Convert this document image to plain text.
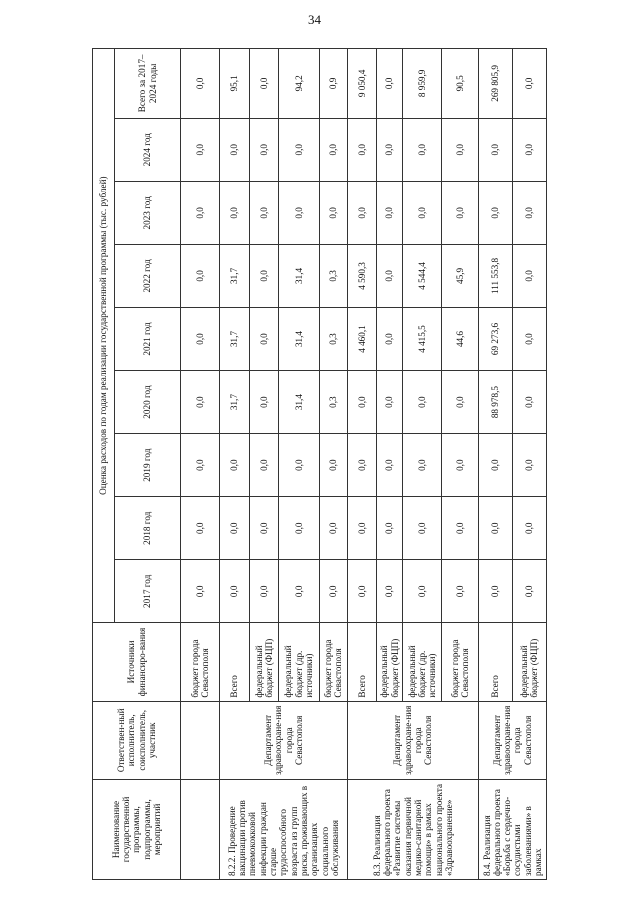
34
Наименование государственной программы, подпрограммы, мероприятий	Ответствен-ный исполнитель, соисполнитель, участник	Источники финансиро-вания	Оценка расходов по годам реализации государственной программы (тыс. рублей)								
			2017 год	2018 год	2019 год	2020 год	2021 год	2022 год	2023 год	2024 год	Всего за 2017–2024 годы
		бюджет города Севастополя	0,0	0,0	0,0	0,0	0,0	0,0	0,0	0,0	0,0
8.2.2. Проведение вакцинации против пневмококковой инфекции граждан старше трудоспособного возраста из групп риска, проживающих в организациях социального обслуживания	Департамент здравоохране-ния города Севастополя	Всего	0,0	0,0	0,0	31,7	31,7	31,7	0,0	0,0	95,1
		федеральный бюджет (ФЦП)	0,0	0,0	0,0	0,0	0,0	0,0	0,0	0,0	0,0
		федеральный бюджет (др. источники)	0,0	0,0	0,0	31,4	31,4	31,4	0,0	0,0	94,2
		бюджет города Севастополя	0,0	0,0	0,0	0,3	0,3	0,3	0,0	0,0	0,9
8.3. Реализация федерального проекта «Развитие системы оказания первичной медико-санитарной помощи» в рамках национального проекта «Здравоохранение»	Департамент здравоохране-ния города Севастополя	Всего	0,0	0,0	0,0	0,0	4 460,1	4 590,3	0,0	0,0	9 050,4
		федеральный бюджет (ФЦП)	0,0	0,0	0,0	0,0	0,0	0,0	0,0	0,0	0,0
		федеральный бюджет (др. источники)	0,0	0,0	0,0	0,0	4 415,5	4 544,4	0,0	0,0	8 959,9
		бюджет города Севастополя	0,0	0,0	0,0	0,0	44,6	45,9	0,0	0,0	90,5
8.4. Реализация федерального проекта «Борьба с сердечно-сосудистыми заболеваниями» в рамках	Департамент здравоохране-ния города Севастополя	Всего	0,0	0,0	0,0	88 978,5	69 273,6	111 553,8	0,0	0,0	269 805,9
		федеральный бюджет (ФЦП)	0,0	0,0	0,0	0,0	0,0	0,0	0,0	0,0	0,0
